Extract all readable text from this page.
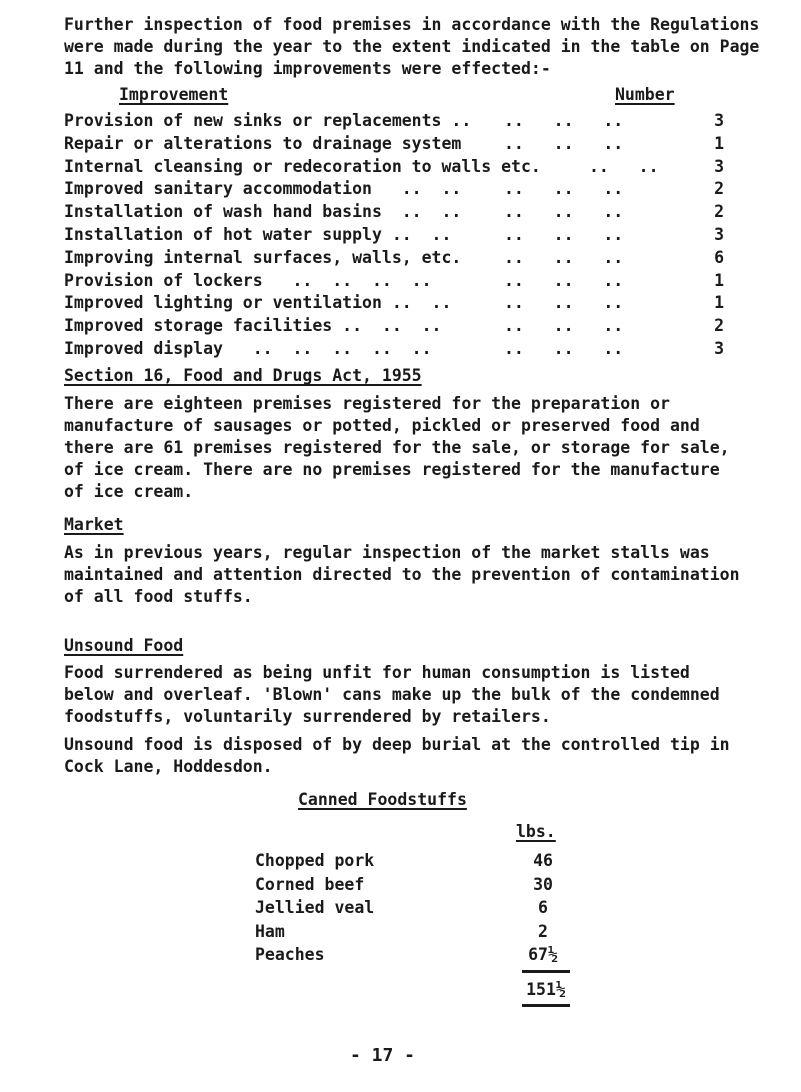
Further inspection of food premises in accordance with the Regulations were made during the year to the extent indicated in the table on Page 11 and the following improvements were effected:-

Improvement	Number
Provision of new sinks or replacements .. ..   ..   ..	3
Repair or alterations to drainage system	..   ..   ..	1
Internal cleansing or redecoration to walls etc.	..   ..	3
Improved sanitary accommodation   ..  ..	..   ..   ..	2
Installation of wash hand basins  ..  ..	..   ..   ..	2
Installation of hot water supply ..  ..	..   ..   ..	3
Improving internal surfaces, walls, etc.	..   ..   ..	6
Provision of lockers   ..  ..  ..  ..	..   ..   ..	1
Improved lighting or ventilation ..  ..	..   ..   ..	1
Improved storage facilities ..  ..  ..	..   ..   ..	2
Improved display   ..  ..  ..  ..  ..	..   ..   ..	3
Section 16, Food and Drugs Act, 1955

There are eighteen premises registered for the preparation or manufacture of sausages or potted, pickled or preserved food and there are 61 premises registered for the sale, or storage for sale, of ice cream. There are no premises registered for the manufacture of ice cream.

Market

As in previous years, regular inspection of the market stalls was maintained and attention directed to the prevention of contamination of all food stuffs.

Unsound Food

Food surrendered as being unfit for human consumption is listed below and overleaf. 'Blown' cans make up the bulk of the condemned foodstuffs, voluntarily surrendered by retailers.

Unsound food is disposed of by deep burial at the controlled tip in Cock Lane, Hoddesdon.

Canned Foodstuffs
lbs.
Chopped pork	46
Corned beef	30
Jellied veal	6
Ham	2
Peaches	67½
151½
- 17 -
